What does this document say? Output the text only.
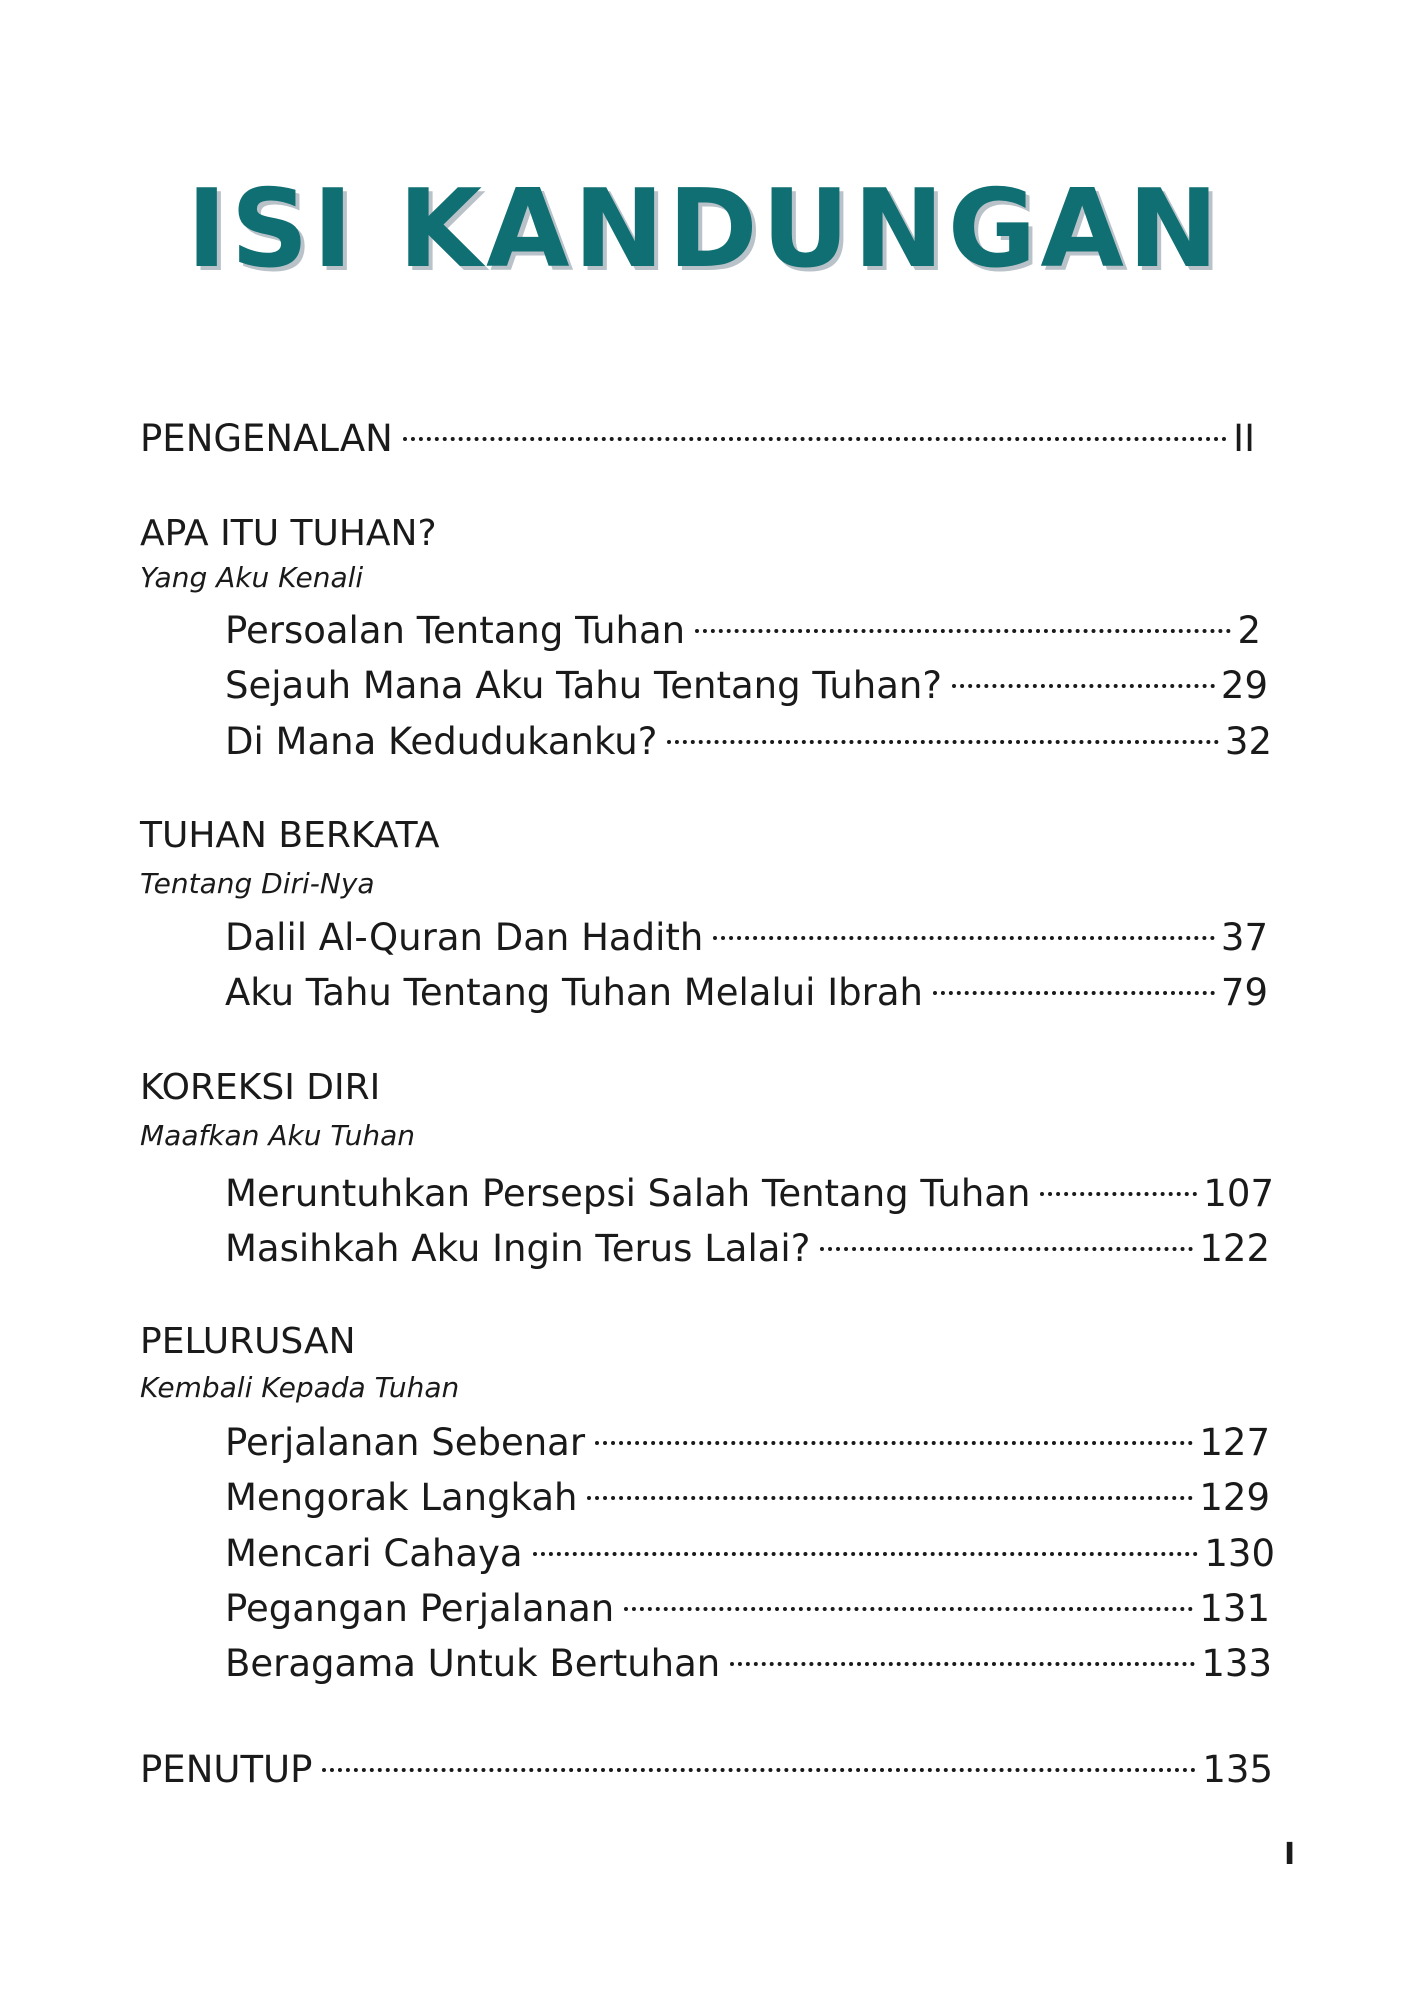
ISI KANDUNGAN
PENGENALAN	II
APA ITU TUHAN?
Yang Aku Kenali
Persoalan Tentang Tuhan	2
Sejauh Mana Aku Tahu Tentang Tuhan?	29
Di Mana Kedudukanku?	32
TUHAN BERKATA
Tentang Diri-Nya
Dalil Al-Quran Dan Hadith	37
Aku Tahu Tentang Tuhan Melalui Ibrah	79
KOREKSI DIRI
Maafkan Aku Tuhan
Meruntuhkan Persepsi Salah Tentang Tuhan	107
Masihkah Aku Ingin Terus Lalai?	122
PELURUSAN
Kembali Kepada Tuhan
Perjalanan Sebenar	127
Mengorak Langkah	129
Mencari Cahaya	130
Pegangan Perjalanan	131
Beragama Untuk Bertuhan	133
PENUTUP	135
I
